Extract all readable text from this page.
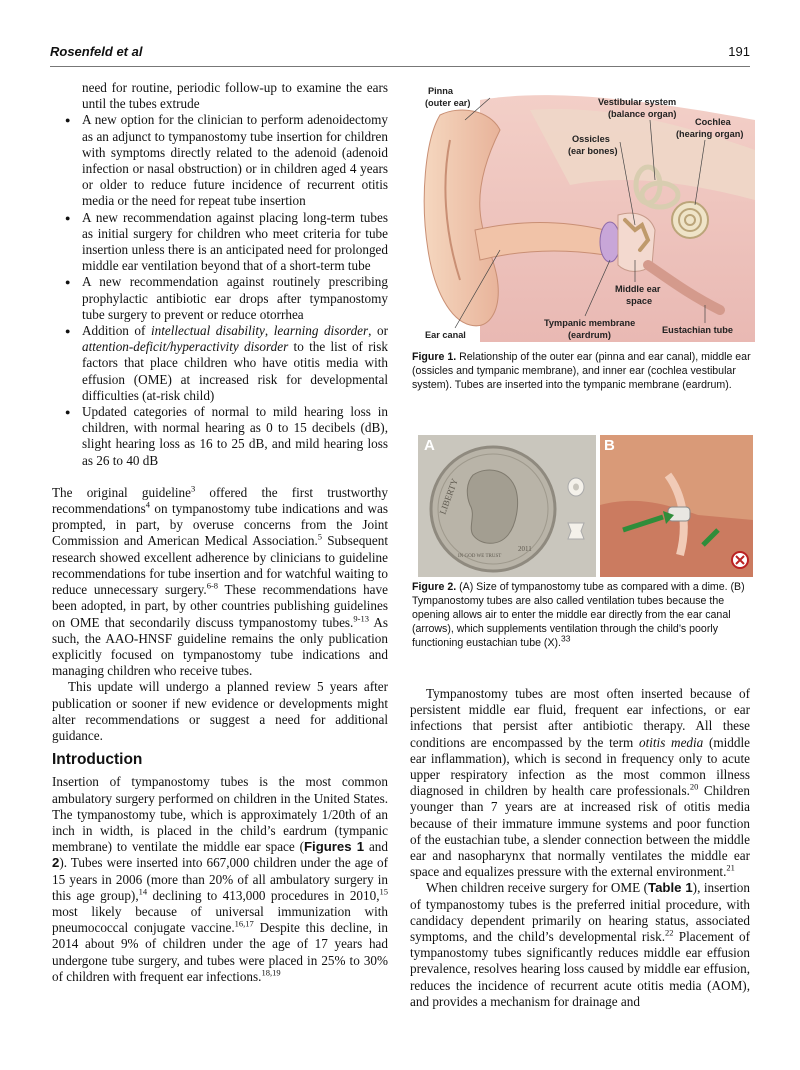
Rosenfeld et al	191

need for routine, periodic follow-up to examine the ears until the tubes extrude

● A new option for the clinician to perform adenoidectomy as an adjunct to tympanostomy tube insertion for children with symptoms directly related to the adenoid (adenoid infection or nasal obstruction) or in children aged 4 years or older to reduce future incidence of recurrent otitis media or the need for repeat tube insertion
● A new recommendation against placing long-term tubes as initial surgery for children who meet criteria for tube insertion unless there is an anticipated need for prolonged middle ear ventilation beyond that of a short-term tube
● A new recommendation against routinely prescribing prophylactic antibiotic ear drops after tympanostomy tube surgery to prevent or reduce otorrhea
● Addition of intellectual disability, learning disorder, or attention-deficit/hyperactivity disorder to the list of risk factors that place children who have otitis media with effusion (OME) at increased risk for developmental difficulties (at-risk child)
● Updated categories of normal to mild hearing loss in children, with normal hearing as 0 to 15 decibels (dB), slight hearing loss as 16 to 25 dB, and mild hearing loss as 26 to 40 dB

The original guideline$^3$ offered the first trustworthy recommendations$^4$ on tympanostomy tube indications and was prompted, in part, by overuse concerns from the Joint Commission and American Medical Association.$^5$ Subsequent research showed excellent adherence by clinicians to guideline recommendations for tube insertion and for watchful waiting to reduce unnecessary surgery.$^{6-8}$ These recommendations have been adopted, in part, by other countries publishing guidelines on OME that secondarily discuss tympanostomy tubes.$^{9-13}$ As such, the AAO-HNSF guideline remains the only publication explicitly focused on tympanostomy tube indications and managing children who receive tubes.

This update will undergo a planned review 5 years after publication or sooner if new evidence or developments might alter recommendations or suggest a need for additional guidance.

Introduction

Insertion of tympanostomy tubes is the most common ambulatory surgery performed on children in the United States. The tympanostomy tube, which is approximately 1/20th of an inch in width, is placed in the child’s eardrum (tympanic membrane) to ventilate the middle ear space (Figures 1 and 2). Tubes were inserted into 667,000 children under the age of 15 years in 2006 (more than 20% of all ambulatory surgery in this age group),$^{14}$ declining to 413,000 procedures in 2010,15 most likely because of universal immunization with pneumococcal conjugate vaccine.$^{16,17}$ Despite this decline, in 2014 about 9% of children under the age of 17 years had undergone tube surgery, and tubes were placed in 25% to 30% of children with frequent ear infections.$^{18,19}$

Pinna
(outer ear)	Vestibular system
(balance organ)
Cochlea
(hearing organ)
Ossicles
(ear bones)
Middle ear
space
Tympanic membrane
(eardrum)
Ear canal	Eustachian tube
Figure 1. Relationship of the outer ear (pinna and ear canal), middle ear (ossicles and tympanic membrane), and inner ear (cochlea vestibular system). Tubes are inserted into the tympanic membrane (eardrum).
LIBERTY
IN GOD WE TRUST
2011
A	B
Figure 2. (A) Size of tympanostomy tube as compared with a dime. (B) Tympanostomy tubes are also called ventilation tubes because the opening allows air to enter the middle ear directly from the ear canal (arrows), which supplements ventilation through the child’s poorly functioning eustachian tube (X).$^{33}$

Tympanostomy tubes are most often inserted because of persistent middle ear fluid, frequent ear infections, or ear infections that persist after antibiotic therapy. All these conditions are encompassed by the term otitis media (middle ear inflammation), which is second in frequency only to acute upper respiratory infection as the most common illness diagnosed in children by health care professionals.$^{20}$ Children younger than 7 years are at increased risk of otitis media because of their immature immune systems and poor function of the eustachian tube, a slender connection between the middle ear and nasopharynx that normally ventilates the middle ear space and equalizes pressure with the external environment.$^{21}$

When children receive surgery for OME (Table 1), insertion of tympanostomy tubes is the preferred initial procedure, with candidacy dependent primarily on hearing status, associated symptoms, and the child’s developmental risk.$^{22}$ Placement of tympanostomy tubes significantly reduces middle ear effusion prevalence, resolves hearing loss caused by middle ear effusion, reduces the incidence of recurrent acute otitis media (AOM), and provides a mechanism for drainage and
